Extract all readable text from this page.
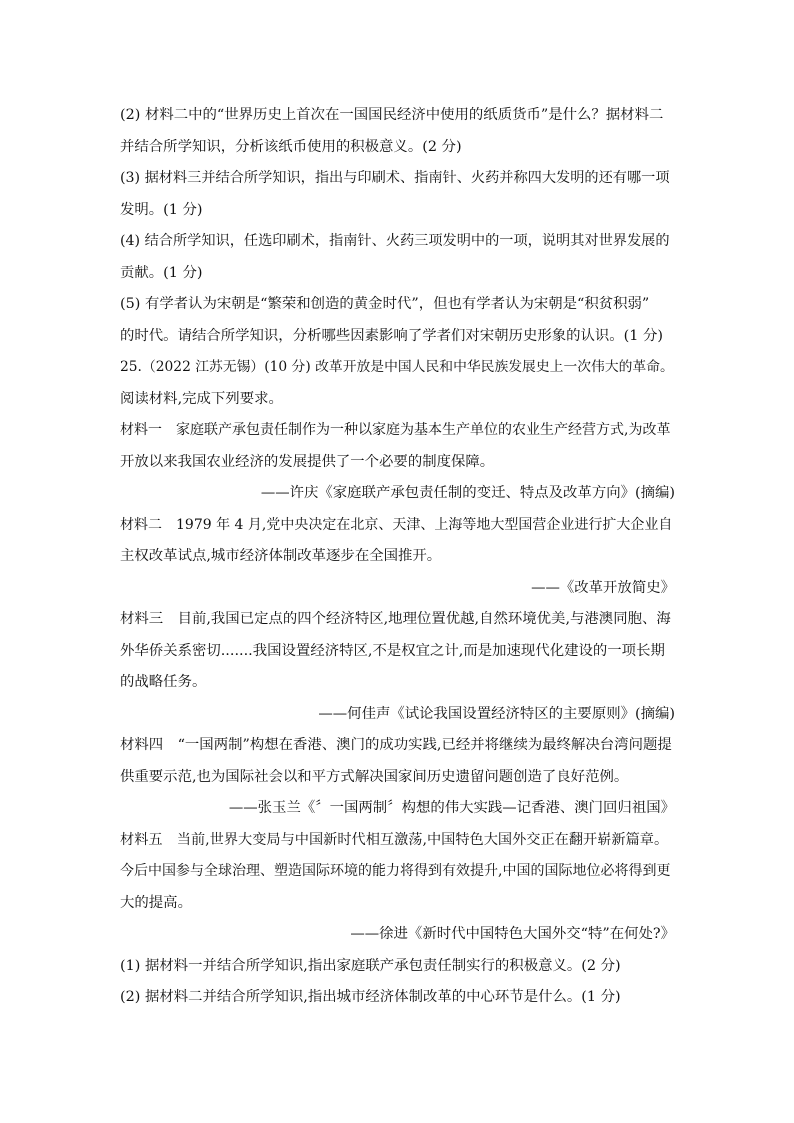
(2) 材料二中的“世界历史上首次在一国国民经济中使用的纸质货币”是什么？据材料二
并结合所学知识，分析该纸币使用的积极意义。(2 分)
(3) 据材料三并结合所学知识，指出与印刷术、指南针、火药并称四大发明的还有哪一项
发明。(1 分)
(4) 结合所学知识，任选印刷术，指南针、火药三项发明中的一项，说明其对世界发展的
贡献。(1 分)
(5) 有学者认为宋朝是“繁荣和创造的黄金时代”，但也有学者认为宋朝是“积贫积弱”
的时代。请结合所学知识，分析哪些因素影响了学者们对宋朝历史形象的认识。(1 分)
25.（2022 江苏无锡）(10 分) 改革开放是中国人民和中华民族发展史上一次伟大的革命。
阅读材料,完成下列要求。
材料一　家庭联产承包责任制作为一种以家庭为基本生产单位的农业生产经营方式,为改革
开放以来我国农业经济的发展提供了一个必要的制度保障。
——许庆《家庭联产承包责任制的变迁、特点及改革方向》(摘编)
材料二　1979 年 4 月,党中央决定在北京、天津、上海等地大型国营企业进行扩大企业自
主权改革试点,城市经济体制改革逐步在全国推开。
——《改革开放简史》
材料三　目前,我国已定点的四个经济特区,地理位置优越,自然环境优美,与港澳同胞、海
外华侨关系密切.......我国设置经济特区,不是权宜之计,而是加速现代化建设的一项长期
的战略任务。
——何佳声《试论我国设置经济特区的主要原则》(摘编)
材料四　“一国两制”构想在香港、澳门的成功实践,已经并将继续为最终解决台湾问题提
供重要示范,也为国际社会以和平方式解决国家间历史遗留问题创造了良好范例。
——张玉兰《〞一国两制〞构想的伟大实践—记香港、澳门回归祖国》
材料五　当前,世界大变局与中国新时代相互激荡,中国特色大国外交正在翻开崭新篇章。
今后中国参与全球治理、塑造国际环境的能力将得到有效提升,中国的国际地位必将得到更
大的提高。
——徐进《新时代中国特色大国外交“特”在何处?》
(1) 据材料一并结合所学知识,指出家庭联产承包责任制实行的积极意义。(2 分)
(2) 据材料二并结合所学知识,指出城市经济体制改革的中心环节是什么。(1 分)
